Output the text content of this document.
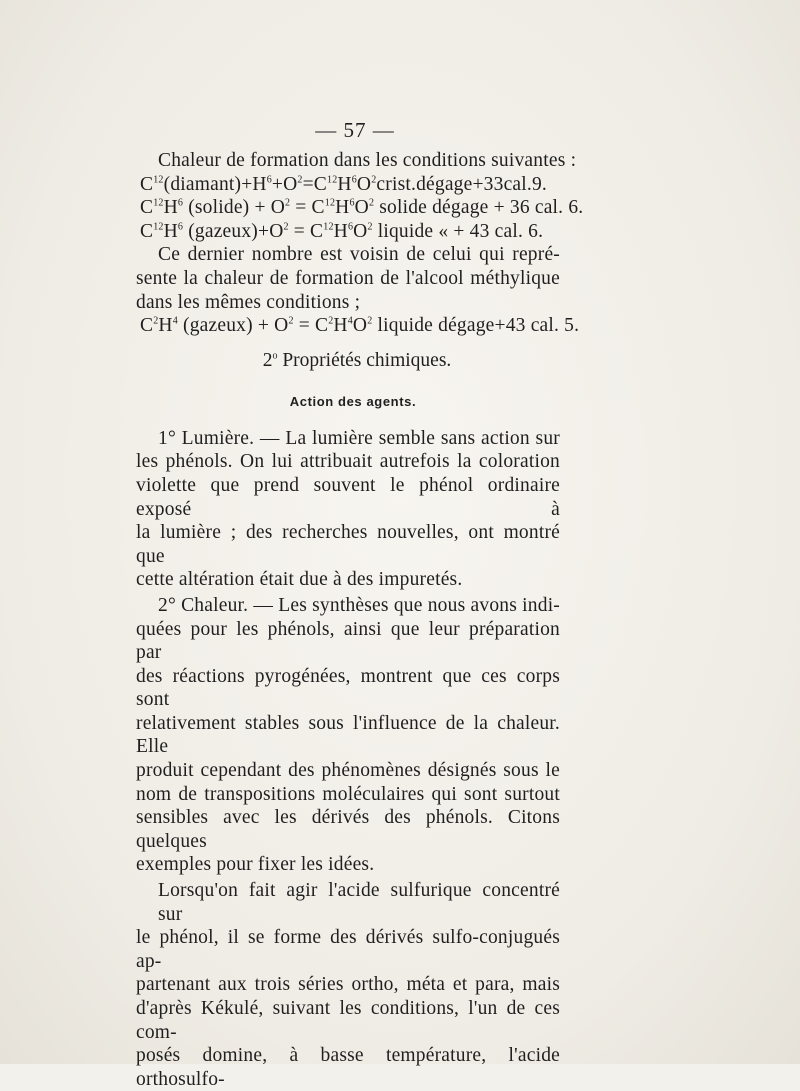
— 57 —
Chaleur de formation dans les conditions suivantes :
$C^{12}(diamant)+H^6+O^2=C^{12}H^6O^2crist.dégage+33cal.9$.
$C^{12}H^6$ (solide) + $O^2 = C^{12}H^6O^2$ solide dégage + 36 cal. 6.
$C^{12}H^6$ $(gazeux)+O^2 = C^{12}H^6O^2$ liquide « + 43 cal. 6.
Ce dernier nombre est voisin de celui qui repré-
sente la chaleur de formation de l'alcool méthylique
dans les mêmes conditions ;
$C^2H^4$ (gazeux) + $O^2 = C^2H^4O^2$ liquide dégage+43 cal. 5.
2$^o$ Propriétés chimiques.
Action des agents.
1° Lumière. — La lumière semble sans action sur
les phénols. On lui attribuait autrefois la coloration
violette que prend souvent le phénol ordinaire exposé à
la lumière ; des recherches nouvelles, ont montré que
cette altération était due à des impuretés.
2° Chaleur. — Les synthèses que nous avons indi-
quées pour les phénols, ainsi que leur préparation par
des réactions pyrogénées, montrent que ces corps sont
relativement stables sous l'influence de la chaleur. Elle
produit cependant des phénomènes désignés sous le
nom de transpositions moléculaires qui sont surtout
sensibles avec les dérivés des phénols. Citons quelques
exemples pour fixer les idées.
Lorsqu'on fait agir l'acide sulfurique concentré sur
le phénol, il se forme des dérivés sulfo-conjugués ap-
partenant aux trois séries ortho, méta et para, mais
d'après Kékulé, suivant les conditions, l'un de ces com-
posés domine, à basse température, l'acide orthosulfo-
